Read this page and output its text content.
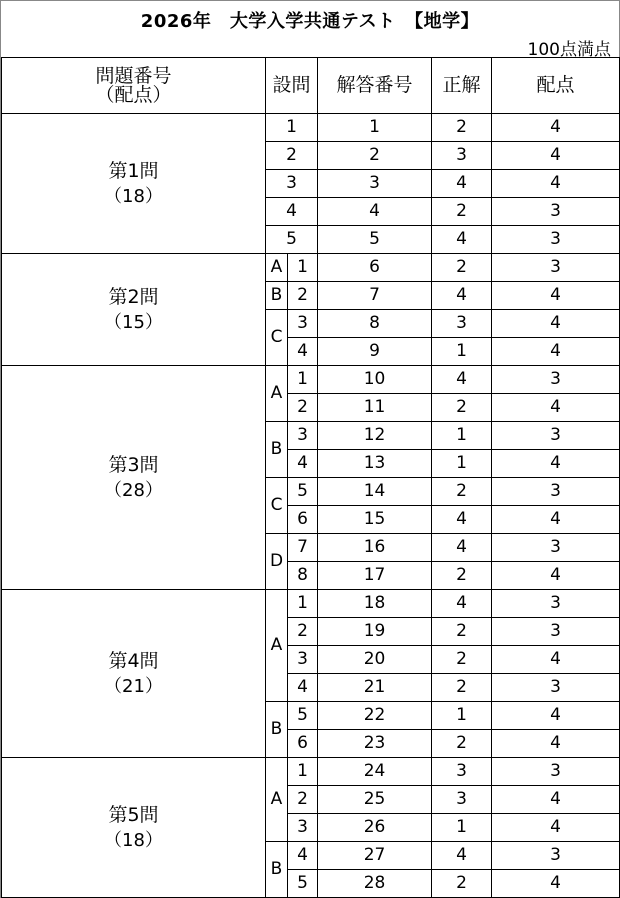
2026年　大学入学共通テスト　【地学】
100点満点
問題番号
（配点）	設問		解答番号	正解	配点

第1問
（18）	1		1	2	4
	2		2	3	4
	3		3	4	4
	4		4	2	3
	5		5	4	3

第2問
（15）	A	1	6	2	3
	B	2	7	4	4
	C	3	8	3	4
		4	9	1	4

第3問
（28）	A	1	10	4	3
		2	11	2	4
	B	3	12	1	3
		4	13	1	4
	C	5	14	2	3
		6	15	4	4
	D	7	16	4	3
		8	17	2	4

第4問
（21）	A	1	18	4	3
		2	19	2	3
		3	20	2	4
		4	21	2	3
	B	5	22	1	4
		6	23	2	4

第5問
（18）	A	1	24	3	3
		2	25	3	4
		3	26	1	4
	B	4	27	4	3
		5	28	2	4
